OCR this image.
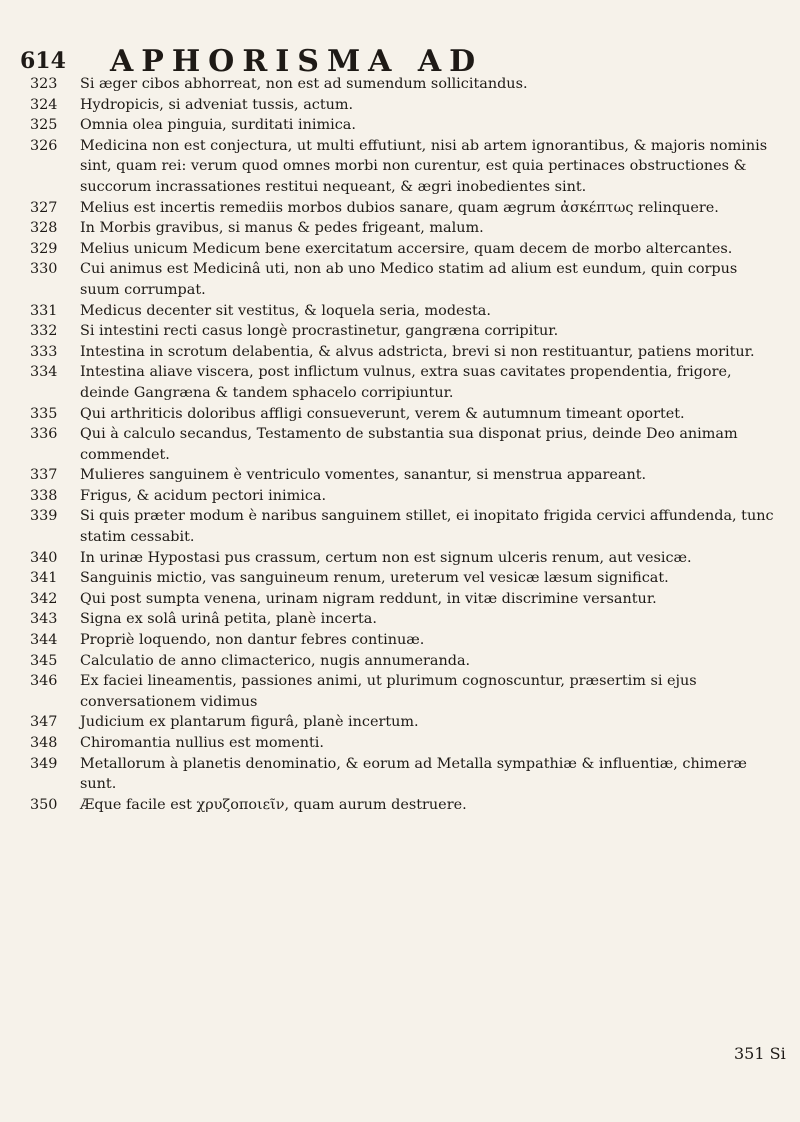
614 APHORISMA AD
323	Si æger cibos abhorreat, non est ad sumendum sollicitandus.
324	Hydropicis, si adveniat tussis, actum.
325	Omnia olea pinguia, surditati inimica.
326	Medicina non est conjectura, ut multi effutiunt, nisi ab artem ignorantibus, & majoris nominis sint, quam rei: verum quod omnes morbi non curentur, est quia pertinaces obstructiones & succorum incrassationes restitui nequeant, & ægri inobedientes sint.
327	Melius est incertis remediis morbos dubios sanare, quam ægrum ἀσκέπτως relinquere.
328	In Morbis gravibus, si manus & pedes frigeant, malum.
329	Melius unicum Medicum bene exercitatum accersire, quam decem de morbo altercantes.
330	Cui animus est Medicinâ uti, non ab uno Medico statim ad alium est eundum, quin corpus suum corrumpat.
331	Medicus decenter sit vestitus, & loquela seria, modesta.
332	Si intestini recti casus longè procrastinetur, gangræna corripitur.
333	Intestina in scrotum delabentia, & alvus adstricta, brevi si non restituantur, patiens moritur.
334	Intestina aliave viscera, post inflictum vulnus, extra suas cavitates propendentia, frigore, deinde Gangræna & tandem sphacelo corripiuntur.
335	Qui arthriticis doloribus affligi consueverunt, verem & autumnum timeant oportet.
336	Qui à calculo secandus, Testamento de substantia sua disponat prius, deinde Deo animam commendet.
337	Mulieres sanguinem è ventriculo vomentes, sanantur, si menstrua appareant.
338	Frigus, & acidum pectori inimica.
339	Si quis præter modum è naribus sanguinem stillet, ei inopitato frigida cervici affundenda, tunc statim cessabit.
340	In urinæ Hypostasi pus crassum, certum non est signum ulceris renum, aut vesicæ.
341	Sanguinis mictio, vas sanguineum renum, ureterum vel vesicæ læsum significat.
342	Qui post sumpta venena, urinam nigram reddunt, in vitæ discrimine versantur.
343	Signa ex solâ urinâ petita, planè incerta.
344	Propriè loquendo, non dantur febres continuæ.
345	Calculatio de anno climacterico, nugis annumeranda.
346	Ex faciei lineamentis, passiones animi, ut plurimum cognoscuntur, præsertim si ejus conversationem vidimus
347	Judicium ex plantarum figurâ, planè incertum.
348	Chiromantia nullius est momenti.
349	Metallorum à planetis denominatio, & eorum ad Metalla sympathiæ & influentiæ, chimeræ sunt.
350	Æque facile est χρυζοποιεῖν, quam aurum destruere.
351 Si
